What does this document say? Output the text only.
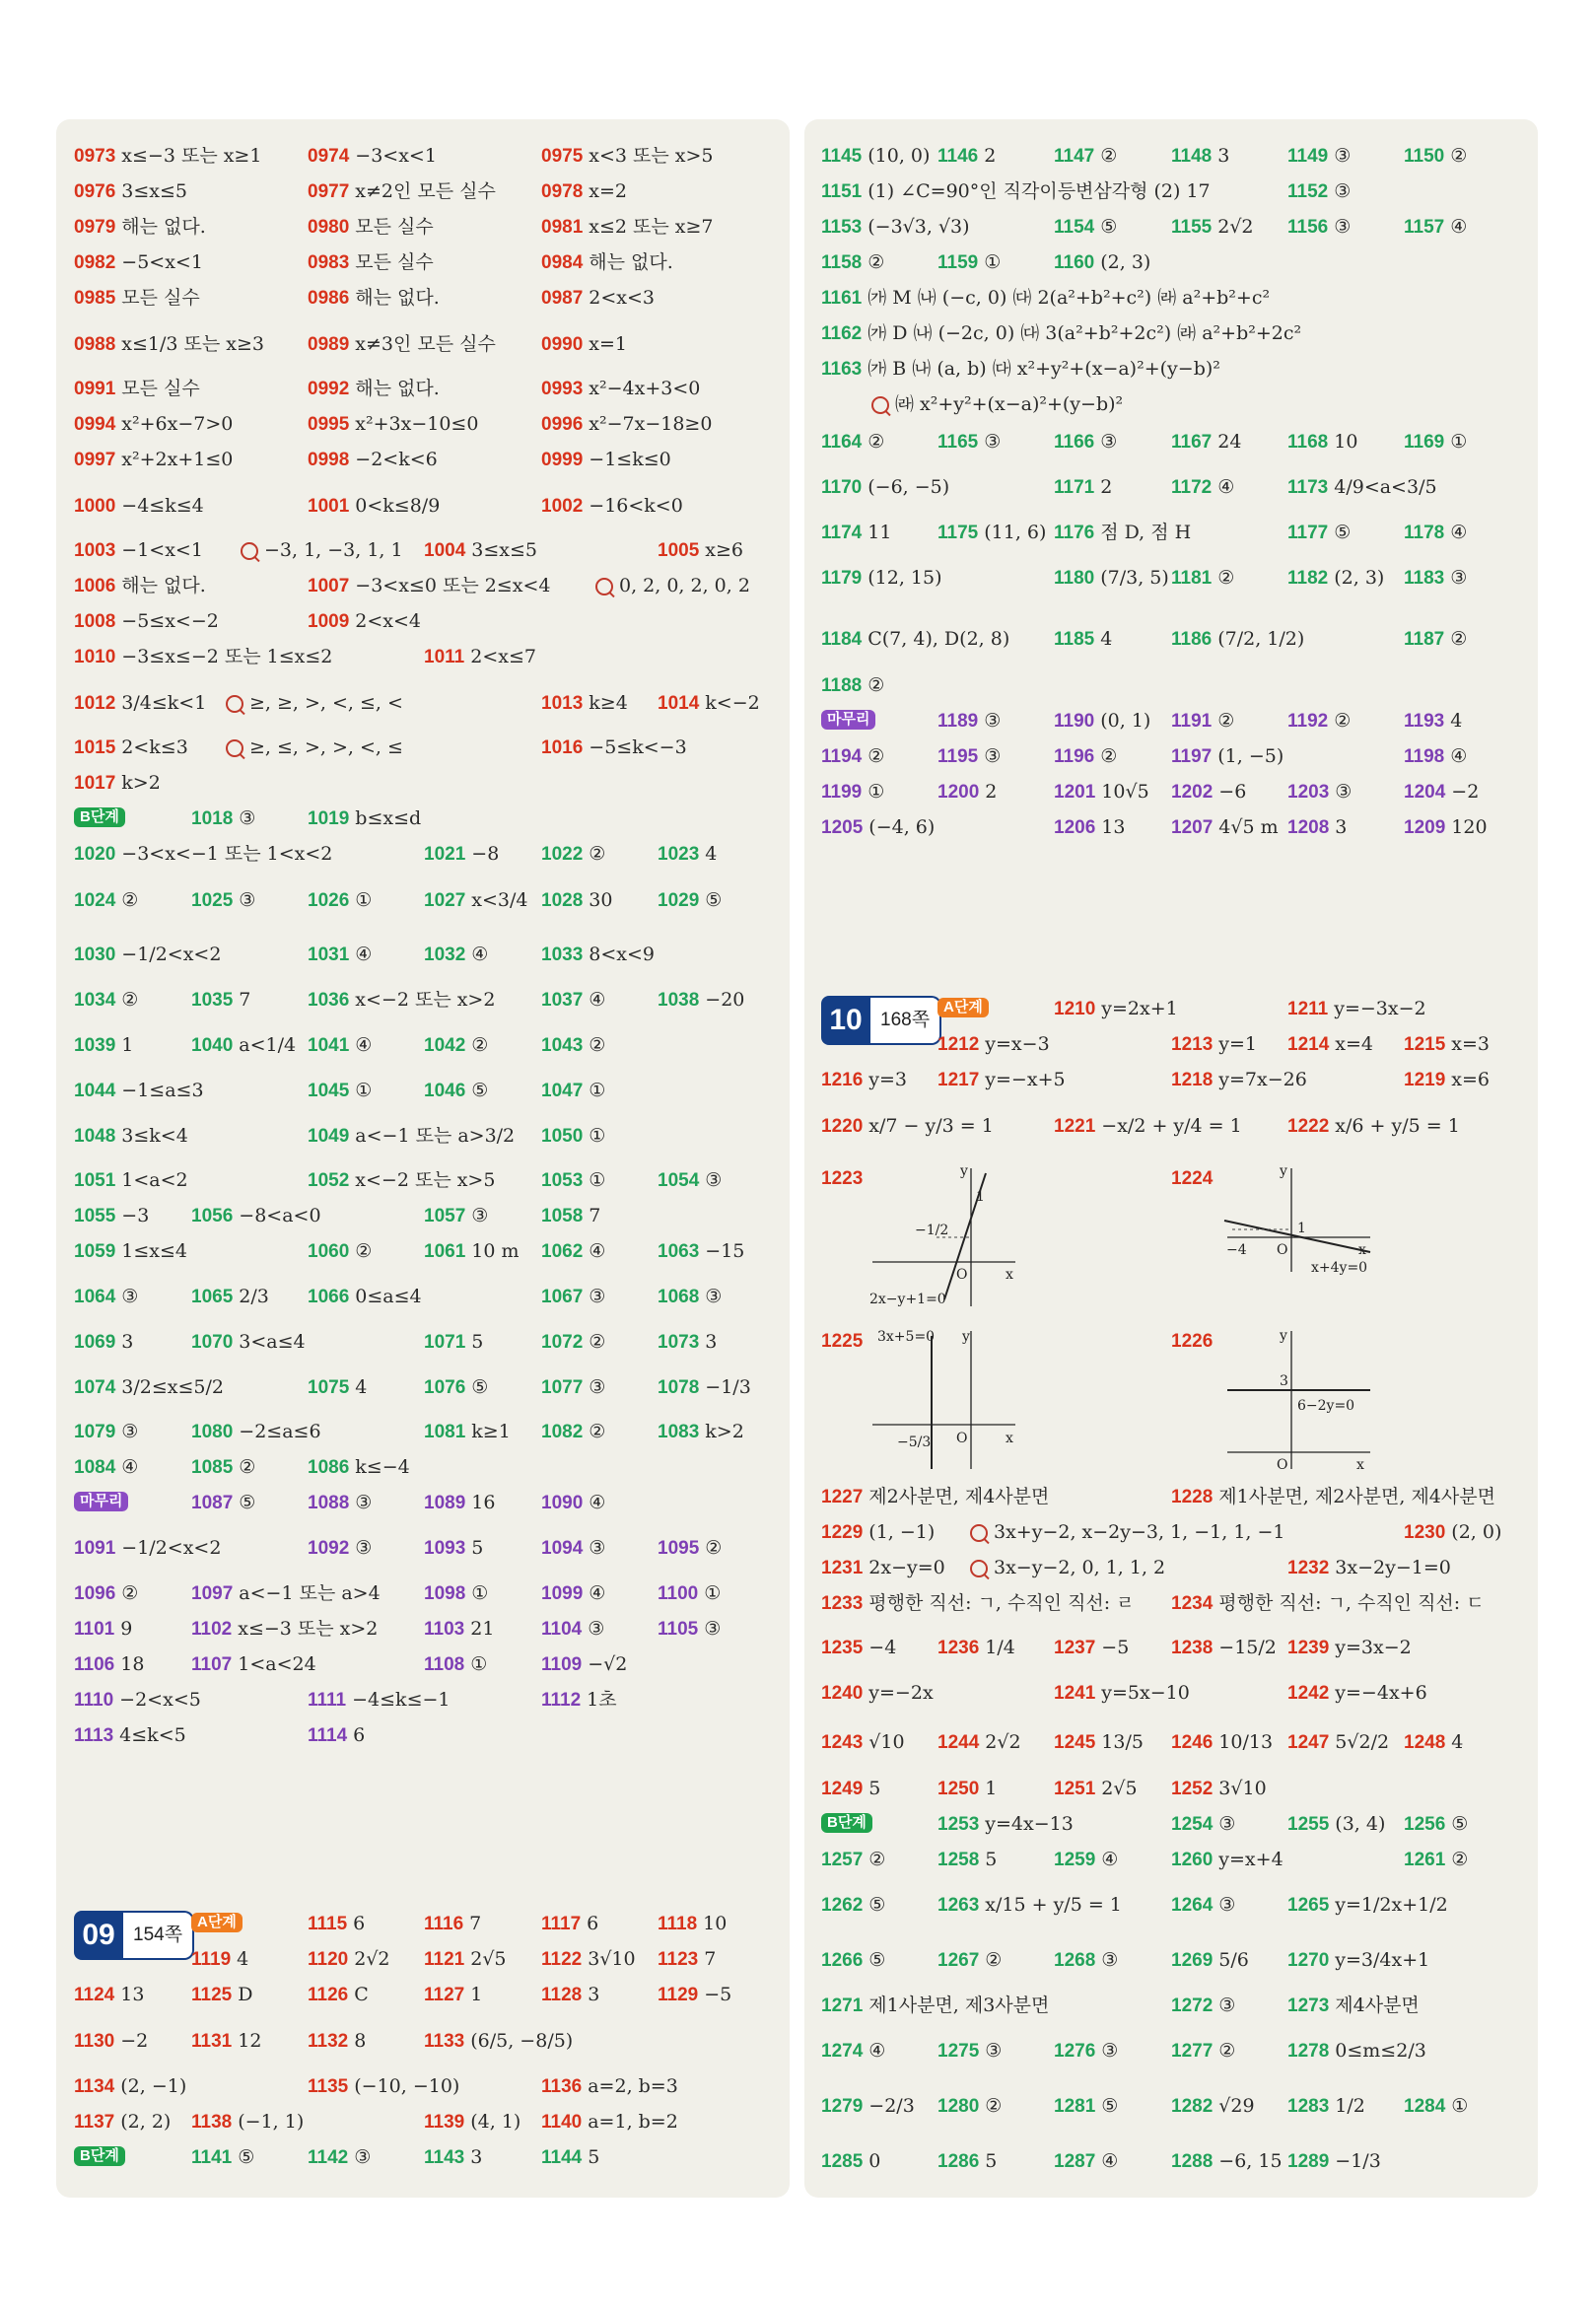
09 154쪽
10 168쪽
y
1
−1/2
O	x
2x−y+1=0
y
1
−4 O	x
x+4y=0
3x+5=0 y
−5/3 O	x
y
3
6−2y=0
O	x
0973 x≤−3 또는 x≥1 0974 −3<x<1	0975 x<3 또는 x>5
0976 3≤x≤5	0977 x≠2인 모든 실수 0978 x=2
0979 해는 없다.	0980 모든 실수	0981 x≤2 또는 x≥7
0982 −5<x<1	0983 모든 실수	0984 해는 없다.
0985 모든 실수	0986 해는 없다.	0987 2<x<3
0988 x≤1/3 또는 x≥3 0989 x≠3인 모든 실수 0990 x=1
0991 모든 실수	0992 해는 없다.	0993 x²−4x+3<0
0994 x²+6x−7>0	0995 x²+3x−10≤0	0996 x²−7x−18≥0
0997 x²+2x+1≤0	0998 −2<k<6	0999 −1≤k≤0
1000 −4≤k≤4	1001 0<k≤8/9	1002 −16<k<0
1003 −1<x<1	−3, 1, −3, 1, 1 1004 3≤x≤5	1005 x≥6
1006 해는 없다.	1007 −3<x≤0 또는 2≤x<4	0, 2, 0, 2, 0, 2
1008 −5≤x<−2	1009 2<x<4
1010 −3≤x≤−2 또는 1≤x≤2	1011 2<x≤7
1012 3/4≤k<1	≥, ≥, >, <, ≤, <	1013 k≥4 1014 k<−2
1015 2<k≤3	≥, ≤, >, >, <, ≤	1016 −5≤k<−3
1017 k>2
B단계	1018 ③	1019 b≤x≤d
1020 −3<x<−1 또는 1<x<2	1021 −8 1022 ②	1023 4
1024 ②	1025 ③	1026 ①	1027 x<3/4 1028 30 1029 ⑤
1030 −1/2<x<2	1031 ④	1032 ④	1033 8<x<9
1034 ②	1035 7	1036 x<−2 또는 x>2 1037 ④	1038 −20
1039 1	1040 a<1/4 1041 ④	1042 ②	1043 ②
1044 −1≤a≤3	1045 ①	1046 ⑤	1047 ①
1048 3≤k<4	1049 a<−1 또는 a>3/2 1050 ①
1051 1<a<2	1052 x<−2 또는 x>5 1053 ①	1054 ③
1055 −3 1056 −8<a<0	1057 ③	1058 7
1059 1≤x≤4	1060 ②	1061 10 m 1062 ④	1063 −15
1064 ③	1065 2/3 1066 0≤a≤4	1067 ③	1068 ③
1069 3	1070 3<a≤4	1071 5	1072 ②	1073 3
1074 3/2≤x≤5/2	1075 4	1076 ⑤	1077 ③	1078 −1/3
1079 ③	1080 −2≤a≤6	1081 k≥1 1082 ②	1083 k>2
1084 ④	1085 ②	1086 k≤−4
마무리	1087 ⑤	1088 ③	1089 16 1090 ④
1091 −1/2<x<2	1092 ③	1093 5	1094 ③	1095 ②
1096 ②	1097 a<−1 또는 a>4 1098 ①	1099 ④	1100 ①
1101 9	1102 x≤−3 또는 x>2 1103 21	1104 ③	1105 ③
1106 18	1107 1<a<24	1108 ①	1109 −√2
1110 −2<x<5	1111 −4≤k≤−1	1112 1초
1113 4≤k<5	1114 6
A단계	1115 6	1116 7	1117 6	1118 10
1119 4	1120 2√2 1121 2√5 1122 3√10 1123 7
1124 13	1125 D	1126 C	1127 1	1128 3	1129 −5
1130 −2 1131 12 1132 8	1133 (6/5, −8/5)
1134 (2, −1)	1135 (−10, −10)	1136 a=2, b=3
1137 (2, 2) 1138 (−1, 1)	1139 (4, 1) 1140 a=1, b=2
B단계	1141 ⑤	1142 ③	1143 3	1144 5
1145 (10, 0) 1146 2	1147 ②	1148 3	1149 ③	1150 ②
1151 (1) ∠C=90°인 직각이등변삼각형 (2) 17	1152 ③
1153 (−3√3, √3)	1154 ⑤	1155 2√2 1156 ③	1157 ④
1158 ②	1159 ①	1160 (2, 3)
1161 ㈎ M ㈏ (−c, 0) ㈐ 2(a²+b²+c²) ㈑ a²+b²+c²
1162 ㈎ D ㈏ (−2c, 0) ㈐ 3(a²+b²+2c²) ㈑ a²+b²+2c²
1163 ㈎ B ㈏ (a, b) ㈐ x²+y²+(x−a)²+(y−b)²
㈑ x²+y²+(x−a)²+(y−b)²
1164 ②	1165 ③	1166 ③	1167 24 1168 10 1169 ①
1170 (−6, −5)	1171 2	1172 ④	1173 4/9<a<3/5
1174 11 1175 (11, 6) 1176 점 D, 점 H	1177 ⑤	1178 ④
1179 (12, 15)	1180 (7/3, 5) 1181 ②	1182 (2, 3) 1183 ③
1184 C(7, 4), D(2, 8) 1185 4	1186 (7/2, 1/2)	1187 ②
1188 ②
마무리	1189 ③	1190 (0, 1) 1191 ②	1192 ②	1193 4
1194 ②	1195 ③	1196 ②	1197 (1, −5)	1198 ④
1199 ①	1200 2	1201 10√5 1202 −6 1203 ③	1204 −2
1205 (−4, 6)	1206 13 1207 4√5 m 1208 3	1209 120
A단계	1210 y=2x+1	1211 y=−3x−2
1212 y=x−3	1213 y=1 1214 x=4 1215 x=3
1216 y=3 1217 y=−x+5	1218 y=7x−26	1219 x=6
1220 x/7 − y/3 = 1	1221 −x/2 + y/4 = 1 1222 x/6 + y/5 = 1
1223	1224
1225	1226
1227 제2사분면, 제4사분면	1228 제1사분면, 제2사분면, 제4사분면
1229 (1, −1)	3x+y−2, x−2y−3, 1, −1, 1, −1	1230 (2, 0)
1231 2x−y=0	3x−y−2, 0, 1, 1, 2	1232 3x−2y−1=0
1233 평행한 직선: ㄱ, 수직인 직선: ㄹ 1234 평행한 직선: ㄱ, 수직인 직선: ㄷ
1235 −4 1236 1/4 1237 −5 1238 −15/2 1239 y=3x−2
1240 y=−2x	1241 y=5x−10	1242 y=−4x+6
1243 √10 1244 2√2 1245 13/5 1246 10/13 1247 5√2/2 1248 4
1249 5	1250 1	1251 2√5 1252 3√10
B단계	1253 y=4x−13	1254 ③	1255 (3, 4) 1256 ⑤
1257 ②	1258 5	1259 ④	1260 y=x+4	1261 ②
1262 ⑤	1263 x/15 + y/5 = 1	1264 ③	1265 y=1/2x+1/2
1266 ⑤	1267 ②	1268 ③	1269 5/6 1270 y=3/4x+1
1271 제1사분면, 제3사분면	1272 ③	1273 제4사분면
1274 ④	1275 ③	1276 ③	1277 ②	1278 0≤m≤2/3
1279 −2/3 1280 ②	1281 ⑤	1282 √29 1283 1/2 1284 ①
1285 0	1286 5	1287 ④	1288 −6, 15 1289 −1/3
